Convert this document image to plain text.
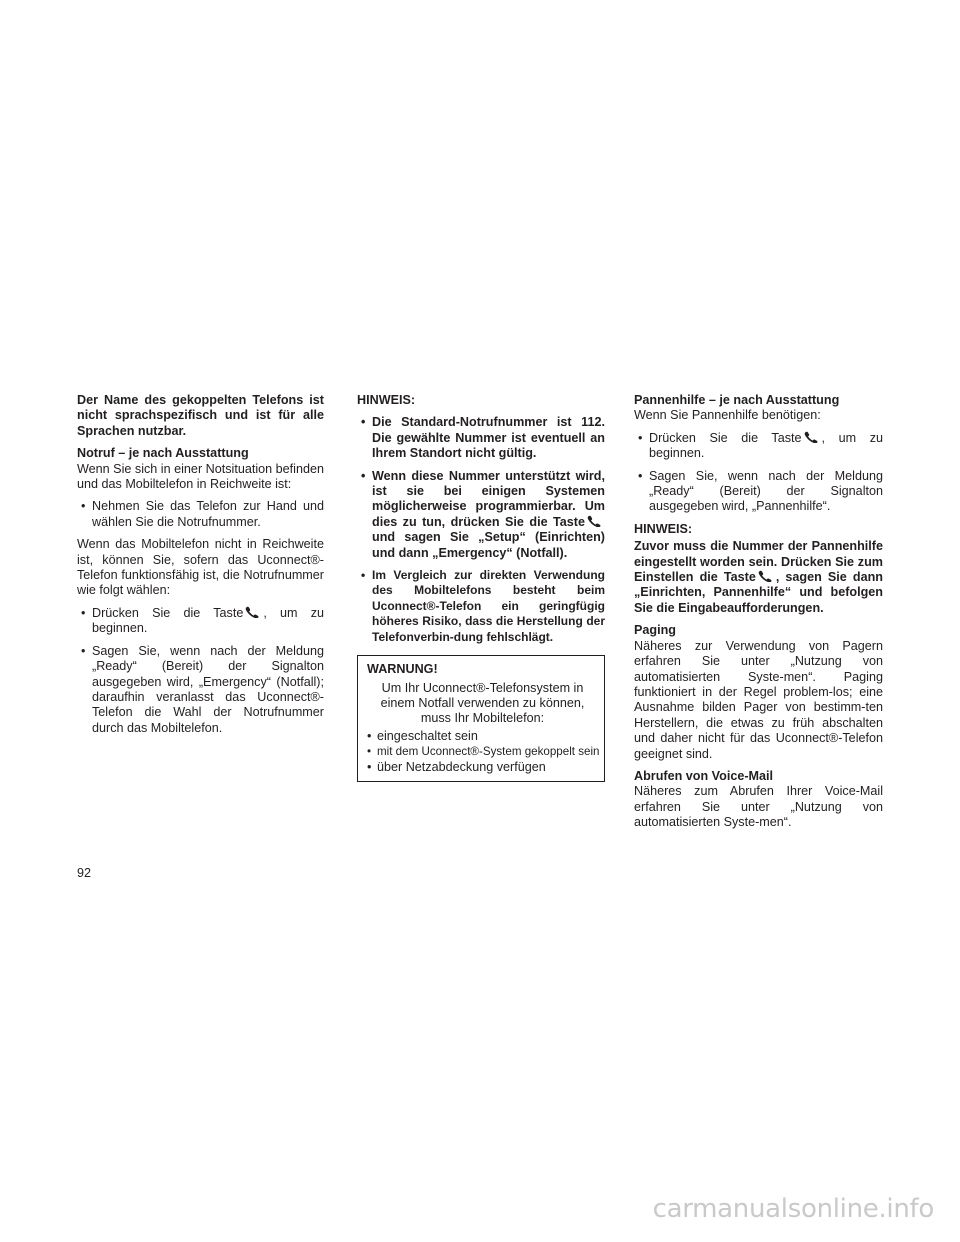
Der Name des gekoppelten Telefons ist nicht sprachspezifisch und ist für alle Sprachen nutzbar.

Notruf – je nach Ausstattung
Wenn Sie sich in einer Notsituation befinden und das Mobiltelefon in Reichweite ist:

• Nehmen Sie das Telefon zur Hand und wählen Sie die Notrufnummer.

Wenn das Mobiltelefon nicht in Reichweite ist, können Sie, sofern das Uconnect®-Telefon funktionsfähig ist, die Notrufnummer wie folgt wählen:

• Drücken Sie die Taste , um zu beginnen.
• Sagen Sie, wenn nach der Meldung „Ready“ (Bereit) der Signalton ausgegeben wird, „Emergency“ (Notfall); daraufhin veranlasst das Uconnect®-Telefon die Wahl der Notrufnummer durch das Mobiltelefon.

HINWEIS:

• Die Standard-Notrufnummer ist 112. Die gewählte Nummer ist eventuell an Ihrem Standort nicht gültig.
• Wenn diese Nummer unterstützt wird, ist sie bei einigen Systemen möglicherweise programmierbar. Um dies zu tun, drücken Sie die Tasteund sagen Sie „Setup“ (Einrichten) und dann „Emergency“ (Notfall).
• Im Vergleich zur direkten Verwendung des Mobiltelefons besteht beim Uconnect®-Telefon ein geringfügig höheres Risiko, dass die Herstellung der Telefonverbin-dung fehlschlägt.
WARNUNG!
Um Ihr Uconnect®-Telefonsystem in einem Notfall verwenden zu können, muss Ihr Mobiltelefon:
• eingeschaltet sein
• mit dem Uconnect®-System gekoppelt sein
• über Netzabdeckung verfügen

Pannenhilfe – je nach Ausstattung
Wenn Sie Pannenhilfe benötigen:

• Drücken Sie die Taste , um zu beginnen.
• Sagen Sie, wenn nach der Meldung „Ready“ (Bereit) der Signalton ausgegeben wird, „Pannenhilfe“.

HINWEIS:

Zuvor muss die Nummer der Pannenhilfe eingestellt worden sein. Drücken Sie zum Einstellen die Taste , sagen Sie dann „Einrichten, Pannenhilfe“ und befolgen Sie die Eingabeaufforderungen.

Paging
Näheres zur Verwendung von Pagern erfahren Sie unter „Nutzung von automatisierten Syste-men“. Paging funktioniert in der Regel problem-los; eine Ausnahme bilden Pager von bestimm-ten Herstellern, die etwas zu früh abschalten und daher nicht für das Uconnect®-Telefon geeignet sind.

Abrufen von Voice-Mail
Näheres zum Abrufen Ihrer Voice-Mail erfahren Sie unter „Nutzung von automatisierten Syste-men“.

92
carmanualsonline.info
